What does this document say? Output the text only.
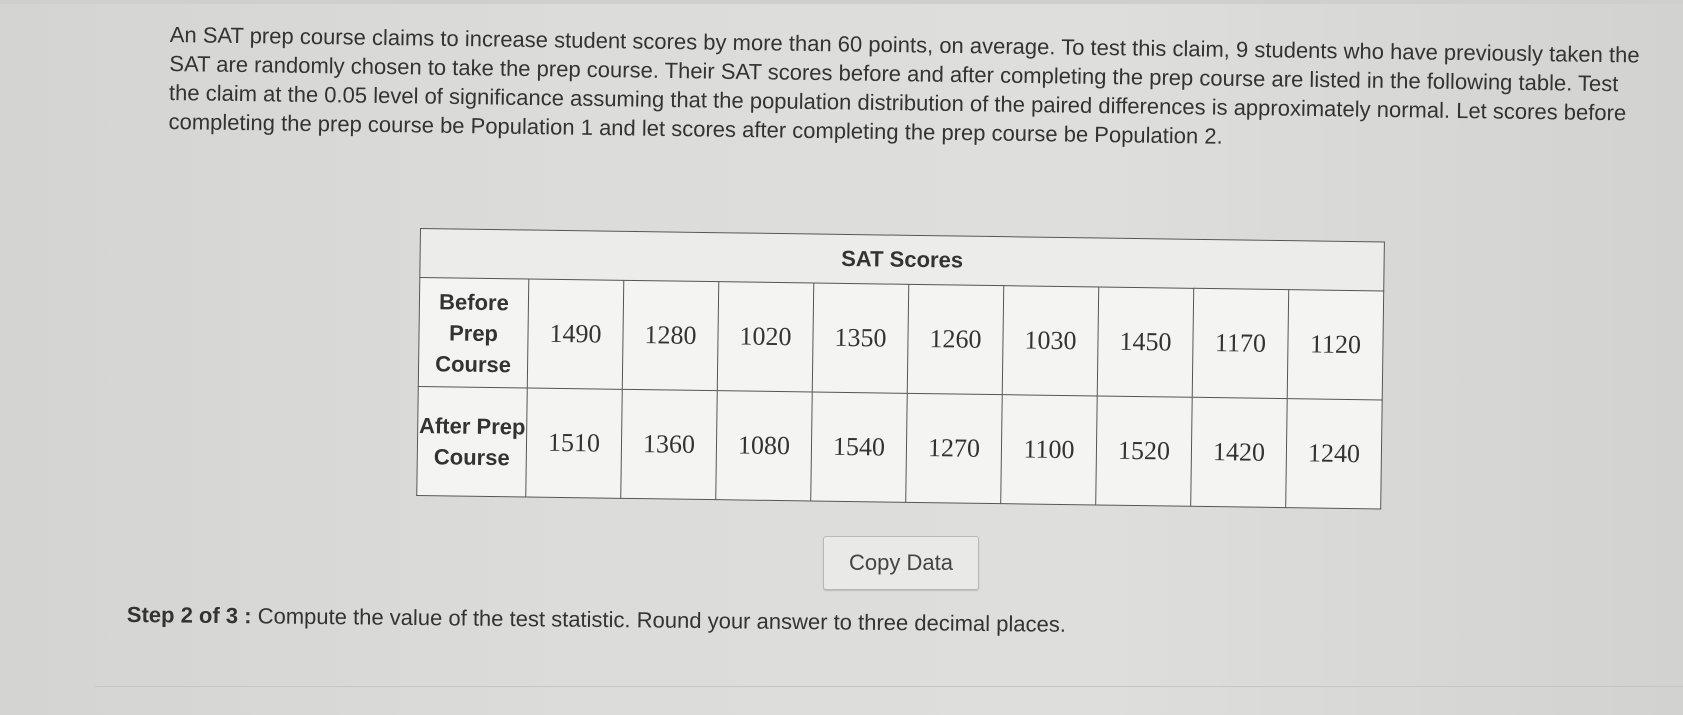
An SAT prep course claims to increase student scores by more than 60 points, on average. To test this claim, 9 students who have previously taken the SAT are randomly chosen to take the prep course. Their SAT scores before and after completing the prep course are listed in the following table. Test the claim at the 0.05 level of significance assuming that the population distribution of the paired differences is approximately normal. Let scores before completing the prep course be Population 1 and let scores after completing the prep course be Population 2.
SAT Scores									
Before Prep Course	1490	1280	1020	1350	1260	1030	1450	1170	1120
After Prep Course	1510	1360	1080	1540	1270	1100	1520	1420	1240
Copy Data
Step 2 of 3 : Compute the value of the test statistic. Round your answer to three decimal places.
